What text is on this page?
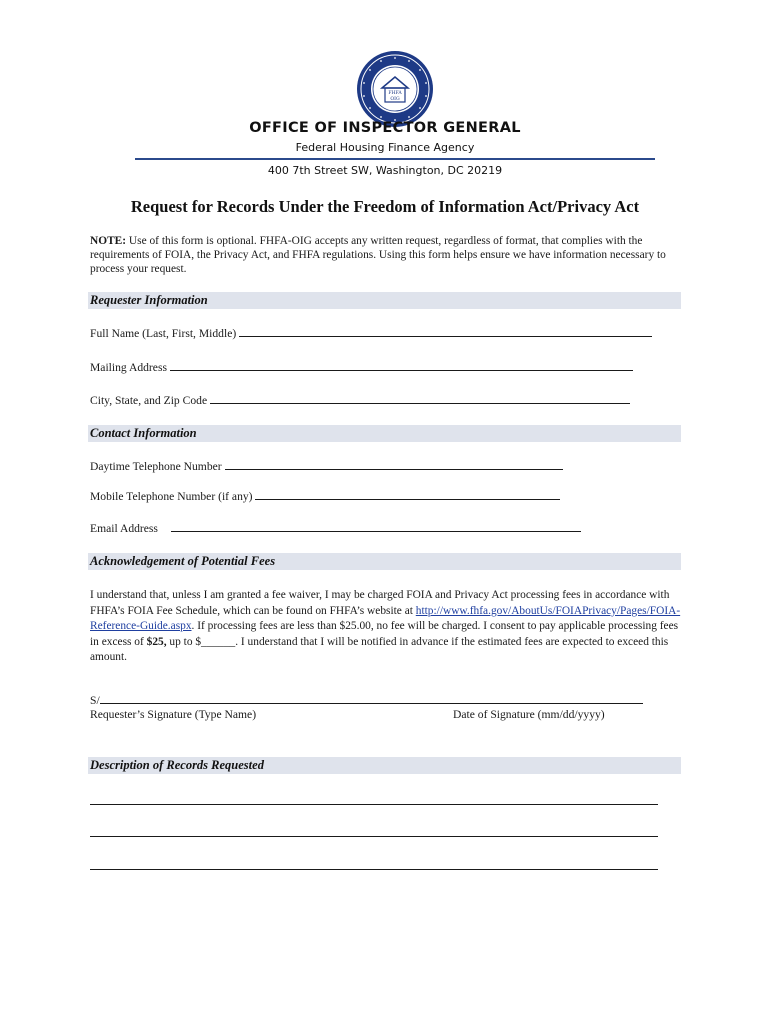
FHFA
OIG
OFFICE OF INSPECTOR GENERAL
Federal Housing Finance Agency
400 7th Street SW, Washington, DC 20219
Request for Records Under the Freedom of Information Act/Privacy Act
NOTE: Use of this form is optional. FHFA-OIG accepts any written request, regardless of format, that complies with the requirements of FOIA, the Privacy Act, and FHFA regulations. Using this form helps ensure we have information necessary to process your request.
Requester Information
Full Name (Last, First, Middle)
Mailing Address
City, State, and Zip Code
Contact Information
Daytime Telephone Number
Mobile Telephone Number (if any)
Email Address
Acknowledgement of Potential Fees
I understand that, unless I am granted a fee waiver, I may be charged FOIA and Privacy Act processing fees in accordance with FHFA’s FOIA Fee Schedule, which can be found on FHFA’s website at http://www.fhfa.gov/AboutUs/FOIAPrivacy/Pages/FOIA-Reference-Guide.aspx. If processing fees are less than $25.00, no fee will be charged. I consent to pay applicable processing fees in excess of $25, up to $______. I understand that I will be notified in advance if the estimated fees are expected to exceed this amount.
S/
Requester’s Signature (Type Name)	Date of Signature (mm/dd/yyyy)
Description of Records Requested
